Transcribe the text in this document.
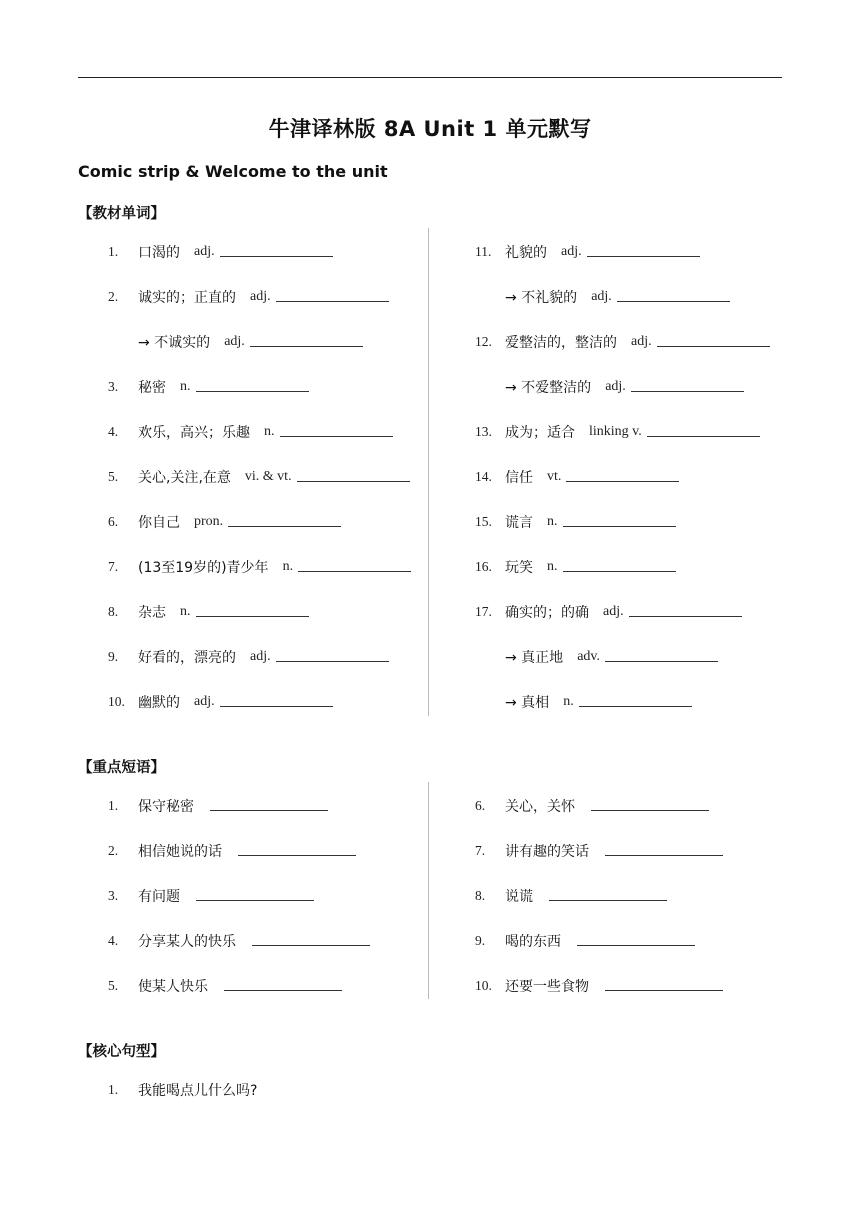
牛津译林版 8A Unit 1 单元默写
Comic strip & Welcome to the unit
【教材单词】
1.	口渴的 adj.
2.	诚实的；正直的 adj.
→ 不诚实的 adj.
3.	秘密 n.
4.	欢乐，高兴；乐趣 n.
5.	关心,关注,在意 vi. & vt.
6.	你自己 pron.
7.	(13至19岁的)青少年 n.
8.	杂志 n.
9.	好看的，漂亮的 adj.
10. 幽默的 adj.
11. 礼貌的 adj.
→ 不礼貌的 adj.
12. 爱整洁的，整洁的 adj.
→ 不爱整洁的 adj.
13. 成为；适合 linking v.
14. 信任 vt.
15. 谎言 n.
16. 玩笑 n.
17. 确实的；的确 adj.
→ 真正地 adv.
→ 真相 n.
【重点短语】
1.	保守秘密
2.	相信她说的话
3.	有问题
4.	分享某人的快乐
5.	使某人快乐
6.	关心，关怀
7.	讲有趣的笑话
8.	说谎
9.	喝的东西
10. 还要一些食物
【核心句型】
1.	我能喝点儿什么吗?
